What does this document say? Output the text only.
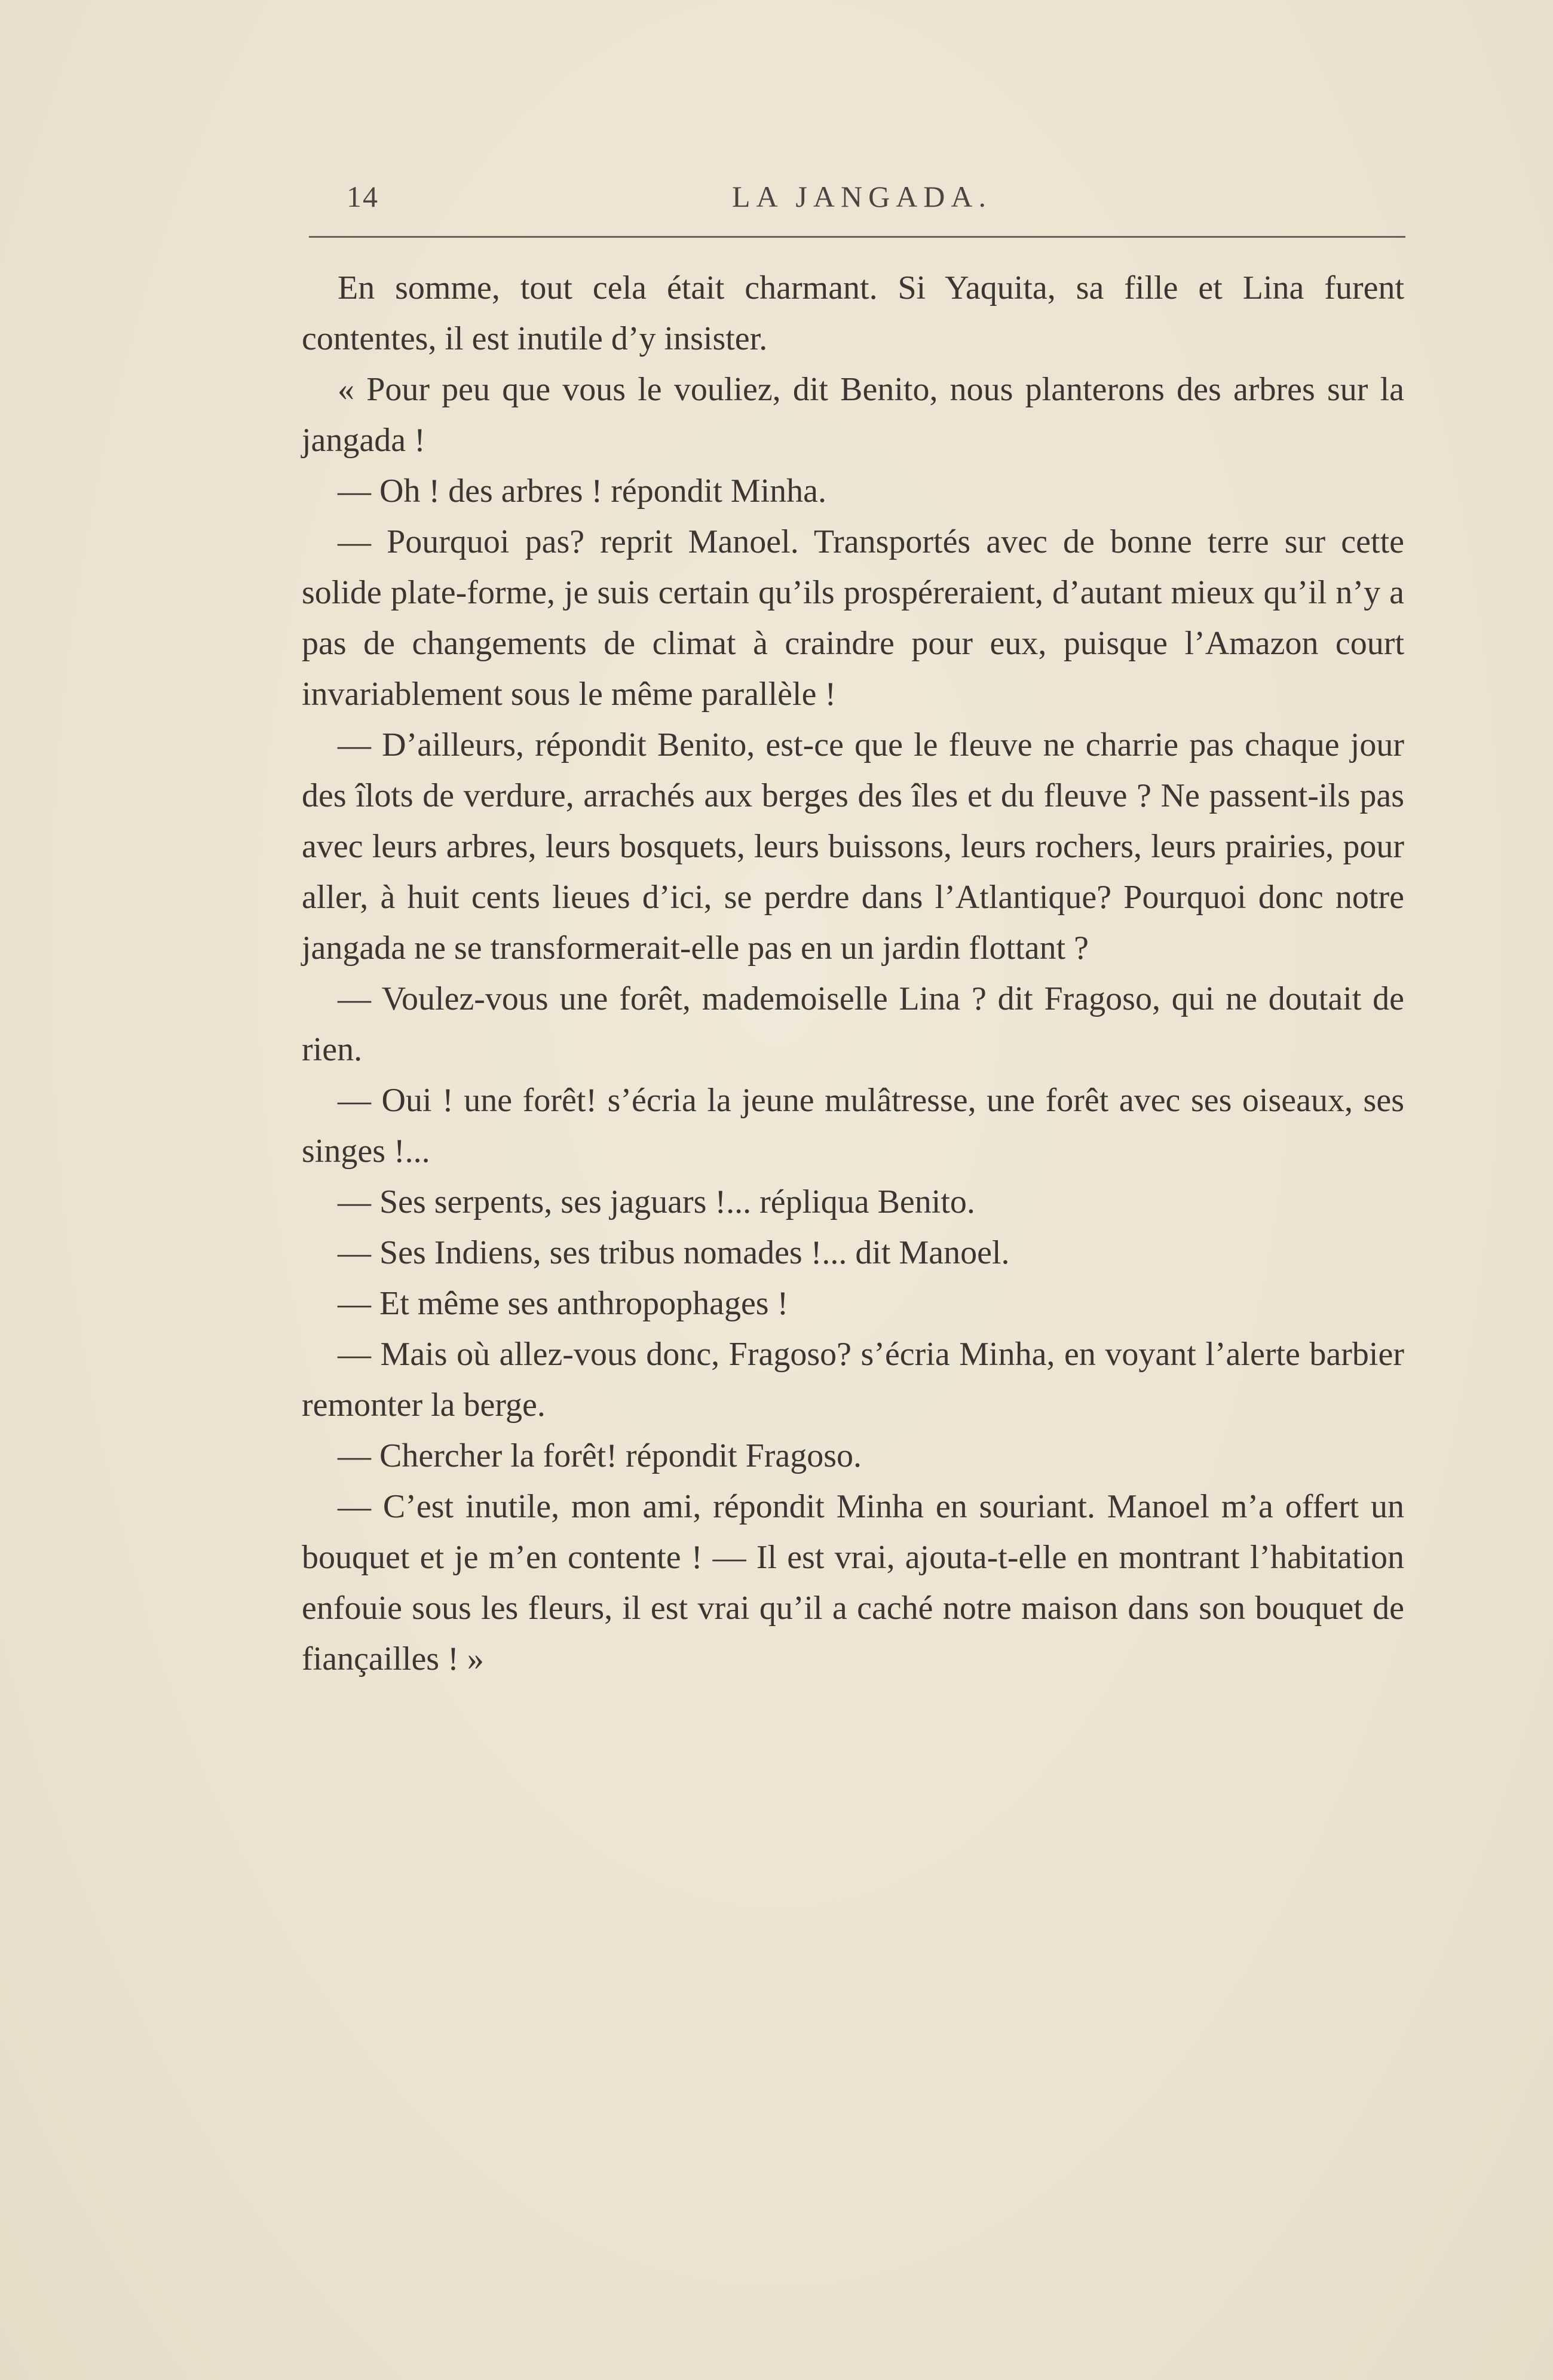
14	LA JANGADA.

En somme, tout cela était charmant. Si Yaquita, sa fille et Lina furent contentes, il est inutile d’y insister.

« Pour peu que vous le vouliez, dit Benito, nous planterons des arbres sur la jangada !

— Oh ! des arbres ! répondit Minha.

— Pourquoi pas? reprit Manoel. Transportés avec de bonne terre sur cette solide plate-forme, je suis certain qu’ils prospéreraient, d’autant mieux qu’il n’y a pas de changements de climat à craindre pour eux, puisque l’Amazon court invariablement sous le même parallèle !

— D’ailleurs, répondit Benito, est-ce que le fleuve ne charrie pas chaque jour des îlots de verdure, arrachés aux berges des îles et du fleuve ? Ne passent-ils pas avec leurs arbres, leurs bosquets, leurs buissons, leurs rochers, leurs prairies, pour aller, à huit cents lieues d’ici, se perdre dans l’Atlantique? Pourquoi donc notre jangada ne se transformerait-elle pas en un jardin flottant ?

— Voulez-vous une forêt, mademoiselle Lina ? dit Fragoso, qui ne doutait de rien.

— Oui ! une forêt! s’écria la jeune mulâtresse, une forêt avec ses oiseaux, ses singes !...

— Ses serpents, ses jaguars !... répliqua Benito.

— Ses Indiens, ses tribus nomades !... dit Manoel.

— Et même ses anthropophages !

— Mais où allez-vous donc, Fragoso? s’écria Minha, en voyant l’alerte barbier remonter la berge.

— Chercher la forêt! répondit Fragoso.

— C’est inutile, mon ami, répondit Minha en souriant. Manoel m’a offert un bouquet et je m’en contente ! — Il est vrai, ajouta-t-elle en montrant l’habitation enfouie sous les fleurs, il est vrai qu’il a caché notre maison dans son bouquet de fiançailles ! »
